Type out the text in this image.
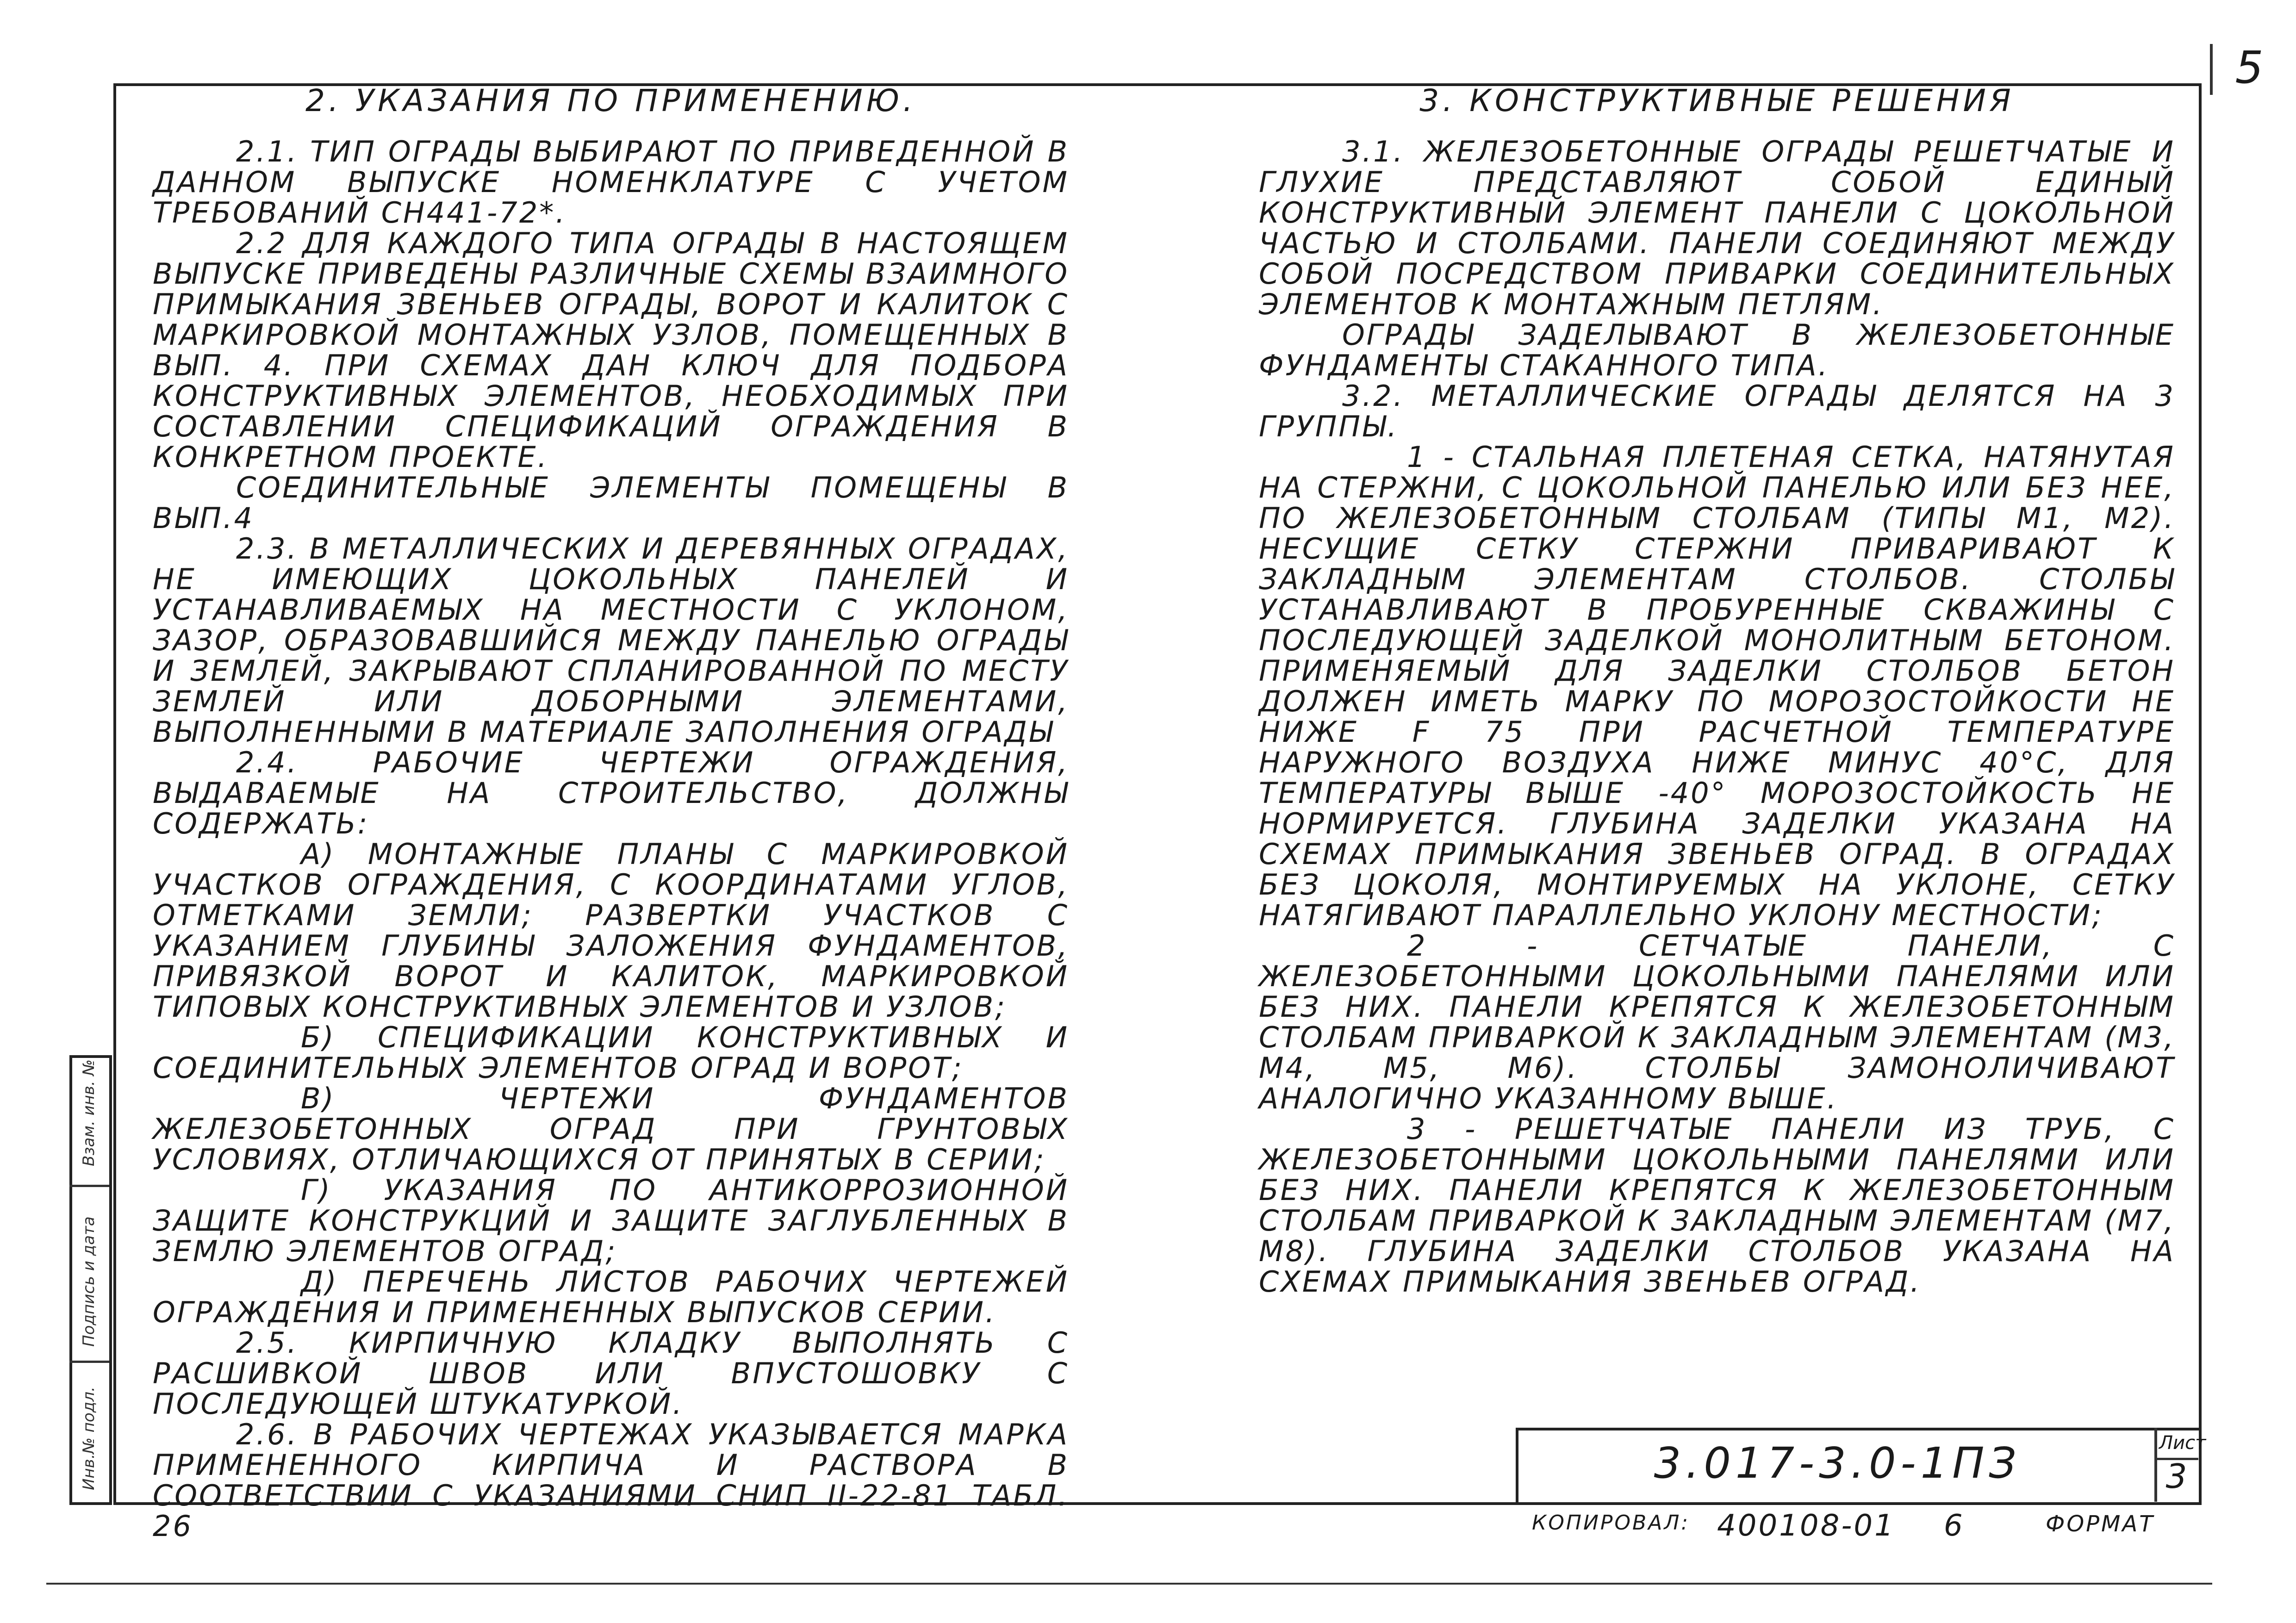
5
Взам. инв. №
Подпись и дата
Инв.№ подл.

2. УКАЗАНИЯ ПО ПРИМЕНЕНИЮ.

2.1. ТИП ОГРАДЫ ВЫБИРАЮТ ПО ПРИВЕДЕННОЙ В ДАННОМ ВЫПУСКЕ НОМЕНКЛАТУРЕ С УЧЕТОМ ТРЕБОВАНИЙ СН441-72*.

2.2 ДЛЯ КАЖДОГО ТИПА ОГРАДЫ В НАСТОЯЩЕМ ВЫПУСКЕ ПРИВЕДЕНЫ РАЗЛИЧНЫЕ СХЕМЫ ВЗАИМНОГО ПРИМЫКАНИЯ ЗВЕНЬЕВ ОГРАДЫ, ВОРОТ И КАЛИТОК С МАРКИРОВКОЙ МОНТАЖНЫХ УЗЛОВ, ПОМЕЩЕННЫХ В ВЫП. 4. ПРИ СХЕМАХ ДАН КЛЮЧ ДЛЯ ПОДБОРА КОНСТРУКТИВНЫХ ЭЛЕМЕНТОВ, НЕОБХОДИМЫХ ПРИ СОСТАВЛЕНИИ СПЕЦИФИКАЦИЙ ОГРАЖДЕНИЯ В КОНКРЕТНОМ ПРОЕКТЕ.

СОЕДИНИТЕЛЬНЫЕ ЭЛЕМЕНТЫ ПОМЕЩЕНЫ В ВЫП.4

2.3. В МЕТАЛЛИЧЕСКИХ И ДЕРЕВЯННЫХ ОГРАДАХ, НЕ ИМЕЮЩИХ ЦОКОЛЬНЫХ ПАНЕЛЕЙ И УСТАНАВЛИВАЕМЫХ НА МЕСТНОСТИ С УКЛОНОМ, ЗАЗОР, ОБРАЗОВАВШИЙСЯ МЕЖДУ ПАНЕЛЬЮ ОГРАДЫ И ЗЕМЛЕЙ, ЗАКРЫВАЮТ СПЛАНИРОВАННОЙ ПО МЕСТУ ЗЕМЛЕЙ ИЛИ ДОБОРНЫМИ ЭЛЕМЕНТАМИ, ВЫПОЛНЕННЫМИ В МАТЕРИАЛЕ ЗАПОЛНЕНИЯ ОГРАДЫ

2.4. РАБОЧИЕ ЧЕРТЕЖИ ОГРАЖДЕНИЯ, ВЫДАВАЕМЫЕ НА СТРОИТЕЛЬСТВО, ДОЛЖНЫ СОДЕРЖАТЬ:

А) МОНТАЖНЫЕ ПЛАНЫ С МАРКИРОВКОЙ УЧАСТКОВ ОГРАЖДЕНИЯ, С КООРДИНАТАМИ УГЛОВ, ОТМЕТКАМИ ЗЕМЛИ; РАЗВЕРТКИ УЧАСТКОВ С УКАЗАНИЕМ ГЛУБИНЫ ЗАЛОЖЕНИЯ ФУНДАМЕНТОВ, ПРИВЯЗКОЙ ВОРОТ И КАЛИТОК, МАРКИРОВКОЙ ТИПОВЫХ КОНСТРУКТИВНЫХ ЭЛЕМЕНТОВ И УЗЛОВ;

Б) СПЕЦИФИКАЦИИ КОНСТРУКТИВНЫХ И СОЕДИНИТЕЛЬНЫХ ЭЛЕМЕНТОВ ОГРАД И ВОРОТ;

В) ЧЕРТЕЖИ ФУНДАМЕНТОВ ЖЕЛЕЗОБЕТОННЫХ ОГРАД ПРИ ГРУНТОВЫХ УСЛОВИЯХ, ОТЛИЧАЮЩИХСЯ ОТ ПРИНЯТЫХ В СЕРИИ;

Г) УКАЗАНИЯ ПО АНТИКОРРОЗИОННОЙ ЗАЩИТЕ КОНСТРУКЦИЙ И ЗАЩИТЕ ЗАГЛУБЛЕННЫХ В ЗЕМЛЮ ЭЛЕМЕНТОВ ОГРАД;

Д) ПЕРЕЧЕНЬ ЛИСТОВ РАБОЧИХ ЧЕРТЕЖЕЙ ОГРАЖДЕНИЯ И ПРИМЕНЕННЫХ ВЫПУСКОВ СЕРИИ.

2.5. КИРПИЧНУЮ КЛАДКУ ВЫПОЛНЯТЬ С РАСШИВКОЙ ШВОВ ИЛИ ВПУСТОШОВКУ С ПОСЛЕДУЮЩЕЙ ШТУКАТУРКОЙ.

2.6. В РАБОЧИХ ЧЕРТЕЖАХ УКАЗЫВАЕТСЯ МАРКА ПРИМЕНЕННОГО КИРПИЧА И РАСТВОРА В СООТВЕТСТВИИ С УКАЗАНИЯМИ СНИП II-22-81 ТАБЛ. 26

3. КОНСТРУКТИВНЫЕ РЕШЕНИЯ

3.1. ЖЕЛЕЗОБЕТОННЫЕ ОГРАДЫ РЕШЕТЧАТЫЕ И ГЛУХИЕ ПРЕДСТАВЛЯЮТ СОБОЙ ЕДИНЫЙ КОНСТРУКТИВНЫЙ ЭЛЕМЕНТ ПАНЕЛИ С ЦОКОЛЬНОЙ ЧАСТЬЮ И СТОЛБАМИ. ПАНЕЛИ СОЕДИНЯЮТ МЕЖДУ СОБОЙ ПОСРЕДСТВОМ ПРИВАРКИ СОЕДИНИТЕЛЬНЫХ ЭЛЕМЕНТОВ К МОНТАЖНЫМ ПЕТЛЯМ.

ОГРАДЫ ЗАДЕЛЫВАЮТ В ЖЕЛЕЗОБЕТОННЫЕ ФУНДАМЕНТЫ СТАКАННОГО ТИПА.

3.2. МЕТАЛЛИЧЕСКИЕ ОГРАДЫ ДЕЛЯТСЯ НА 3 ГРУППЫ.

1 - СТАЛЬНАЯ ПЛЕТЕНАЯ СЕТКА, НАТЯНУТАЯ НА СТЕРЖНИ, С ЦОКОЛЬНОЙ ПАНЕЛЬЮ ИЛИ БЕЗ НЕЕ, ПО ЖЕЛЕЗОБЕТОННЫМ СТОЛБАМ (ТИПЫ М1, М2). НЕСУЩИЕ СЕТКУ СТЕРЖНИ ПРИВАРИВАЮТ К ЗАКЛАДНЫМ ЭЛЕМЕНТАМ СТОЛБОВ. СТОЛБЫ УСТАНАВЛИВАЮТ В ПРОБУРЕННЫЕ СКВАЖИНЫ С ПОСЛЕДУЮЩЕЙ ЗАДЕЛКОЙ МОНОЛИТНЫМ БЕТОНОМ. ПРИМЕНЯЕМЫЙ ДЛЯ ЗАДЕЛКИ СТОЛБОВ БЕТОН ДОЛЖЕН ИМЕТЬ МАРКУ ПО МОРОЗОСТОЙКОСТИ НЕ НИЖЕ F 75 ПРИ РАСЧЕТНОЙ ТЕМПЕРАТУРЕ НАРУЖНОГО ВОЗДУХА НИЖЕ МИНУС 40°С, ДЛЯ ТЕМПЕРАТУРЫ ВЫШЕ -40° МОРОЗОСТОЙКОСТЬ НЕ НОРМИРУЕТСЯ. ГЛУБИНА ЗАДЕЛКИ УКАЗАНА НА СХЕМАХ ПРИМЫКАНИЯ ЗВЕНЬЕВ ОГРАД. В ОГРАДАХ БЕЗ ЦОКОЛЯ, МОНТИРУЕМЫХ НА УКЛОНЕ, СЕТКУ НАТЯГИВАЮТ ПАРАЛЛЕЛЬНО УКЛОНУ МЕСТНОСТИ;

2 - СЕТЧАТЫЕ ПАНЕЛИ, С ЖЕЛЕЗОБЕТОННЫМИ ЦОКОЛЬНЫМИ ПАНЕЛЯМИ ИЛИ БЕЗ НИХ. ПАНЕЛИ КРЕПЯТСЯ К ЖЕЛЕЗОБЕТОННЫМ СТОЛБАМ ПРИВАРКОЙ К ЗАКЛАДНЫМ ЭЛЕМЕНТАМ (М3, М4, М5, М6). СТОЛБЫ ЗАМОНОЛИЧИВАЮТ АНАЛОГИЧНО УКАЗАННОМУ ВЫШЕ.

3 - РЕШЕТЧАТЫЕ ПАНЕЛИ ИЗ ТРУБ, С ЖЕЛЕЗОБЕТОННЫМИ ЦОКОЛЬНЫМИ ПАНЕЛЯМИ ИЛИ БЕЗ НИХ. ПАНЕЛИ КРЕПЯТСЯ К ЖЕЛЕЗОБЕТОННЫМ СТОЛБАМ ПРИВАРКОЙ К ЗАКЛАДНЫМ ЭЛЕМЕНТАМ (М7, М8). ГЛУБИНА ЗАДЕЛКИ СТОЛБОВ УКАЗАНА НА СХЕМАХ ПРИМЫКАНИЯ ЗВЕНЬЕВ ОГРАД.

3.017-3.0-1ПЗ	Лист
3
КОПИРОВАЛ: 400108-01 6	ФОРМАТ
